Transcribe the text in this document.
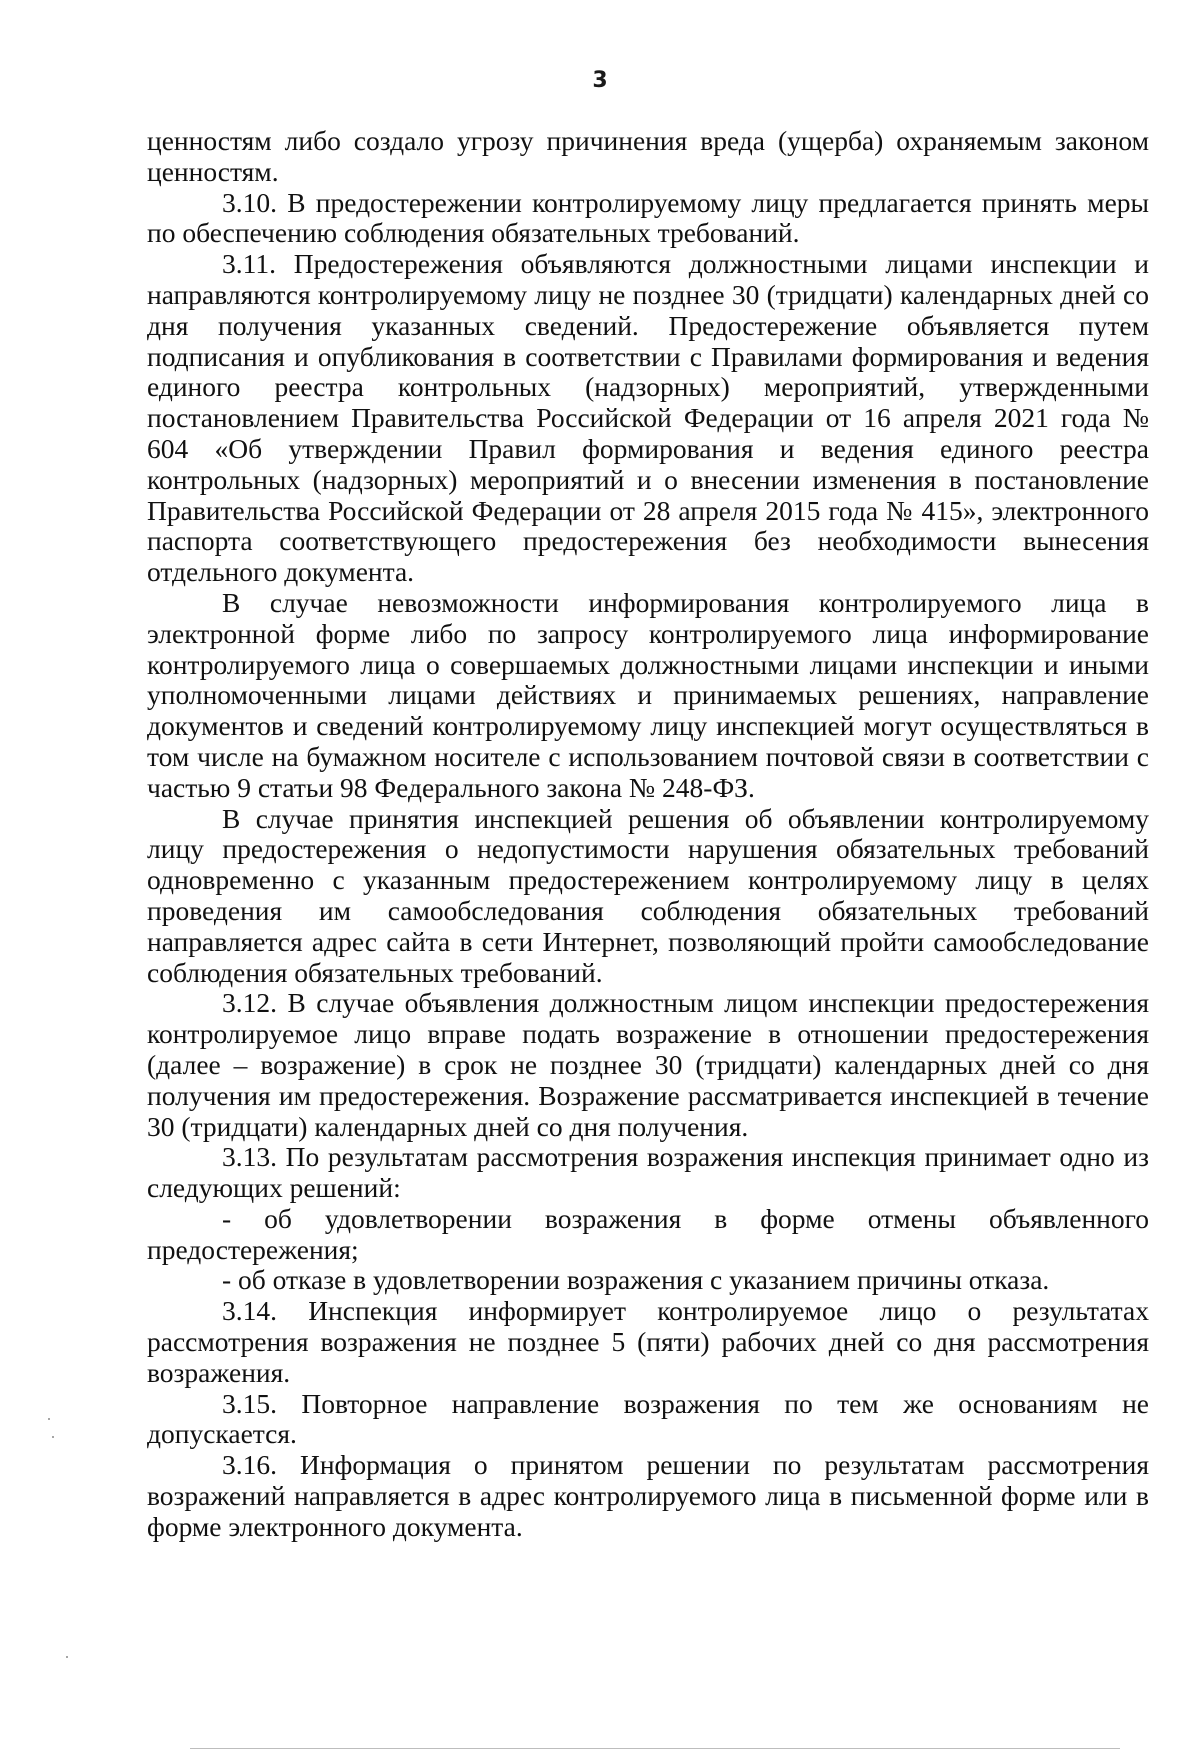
3

ценностям либо создало угрозу причинения вреда (ущерба) охраняемым законом ценностям.

3.10. В предостережении контролируемому лицу предлагается принять меры по обеспечению соблюдения обязательных требований.

3.11. Предостережения объявляются должностными лицами инспекции и направляются контролируемому лицу не позднее 30 (тридцати) календарных дней со дня получения указанных сведений. Предостережение объявляется путем подписания и опубликования в соответствии с Правилами формирования и ведения единого реестра контрольных (надзорных) мероприятий, утвержденными постановлением Правительства Российской Федерации от 16 апреля 2021 года № 604 «Об утверждении Правил формирования и ведения единого реестра контрольных (надзорных) мероприятий и о внесении изменения в постановление Правительства Российской Федерации от 28 апреля 2015 года № 415», электронного паспорта соответствующего предостережения без необходимости вынесения отдельного документа.

В случае невозможности информирования контролируемого лица в электронной форме либо по запросу контролируемого лица информирование контролируемого лица о совершаемых должностными лицами инспекции и иными уполномоченными лицами действиях и принимаемых решениях, направление документов и сведений контролируемому лицу инспекцией могут осуществляться в том числе на бумажном носителе с использованием почтовой связи в соответствии с частью 9 статьи 98 Федерального закона № 248-ФЗ.

В случае принятия инспекцией решения об объявлении контролируемому лицу предостережения о недопустимости нарушения обязательных требований одновременно с указанным предостережением контролируемому лицу в целях проведения им самообследования соблюдения обязательных требований направляется адрес сайта в сети Интернет, позволяющий пройти самообследование соблюдения обязательных требований.

3.12. В случае объявления должностным лицом инспекции предостережения контролируемое лицо вправе подать возражение в отношении предостережения (далее – возражение) в срок не позднее 30 (тридцати) календарных дней со дня получения им предостережения. Возражение рассматривается инспекцией в течение 30 (тридцати) календарных дней со дня получения.

3.13. По результатам рассмотрения возражения инспекция принимает одно из следующих решений:

- об удовлетворении возражения в форме отмены объявленного предостережения;

- об отказе в удовлетворении возражения с указанием причины отказа.

3.14. Инспекция информирует контролируемое лицо о результатах рассмотрения возражения не позднее 5 (пяти) рабочих дней со дня рассмотрения возражения.

3.15. Повторное направление возражения по тем же основаниям не допускается.

3.16. Информация о принятом решении по результатам рассмотрения возражений направляется в адрес контролируемого лица в письменной форме или в форме электронного документа.
